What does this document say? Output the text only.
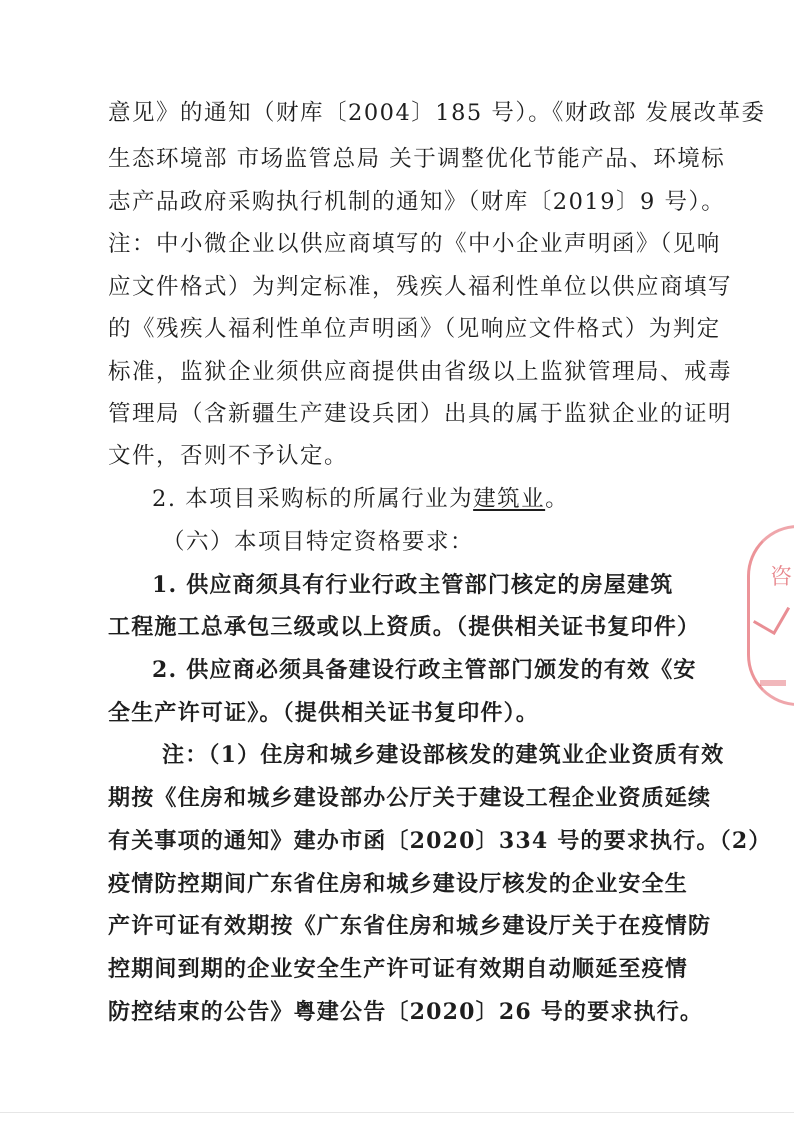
意见》的通知（财库〔2004〕185 号）。《财政部 发展改革委
生态环境部 市场监管总局 关于调整优化节能产品、环境标
志产品政府采购执行机制的通知》（财库〔2019〕9 号）。
注：中小微企业以供应商填写的《中小企业声明函》（见响
应文件格式）为判定标准，残疾人福利性单位以供应商填写
的《残疾人福利性单位声明函》（见响应文件格式）为判定
标准，监狱企业须供应商提供由省级以上监狱管理局、戒毒
管理局（含新疆生产建设兵团）出具的属于监狱企业的证明
文件，否则不予认定。
2. 本项目采购标的所属行业为建筑业。
（六）本项目特定资格要求：
1. 供应商须具有行业行政主管部门核定的房屋建筑
工程施工总承包三级或以上资质。（提供相关证书复印件）
2. 供应商必须具备建设行政主管部门颁发的有效《安
全生产许可证》。（提供相关证书复印件）。
注：（1）住房和城乡建设部核发的建筑业企业资质有效
期按《住房和城乡建设部办公厅关于建设工程企业资质延续
有关事项的通知》建办市函〔2020〕334 号的要求执行。（2）
疫情防控期间广东省住房和城乡建设厅核发的企业安全生
产许可证有效期按《广东省住房和城乡建设厅关于在疫情防
控期间到期的企业安全生产许可证有效期自动顺延至疫情
防控结束的公告》粤建公告〔2020〕26 号的要求执行。
咨
